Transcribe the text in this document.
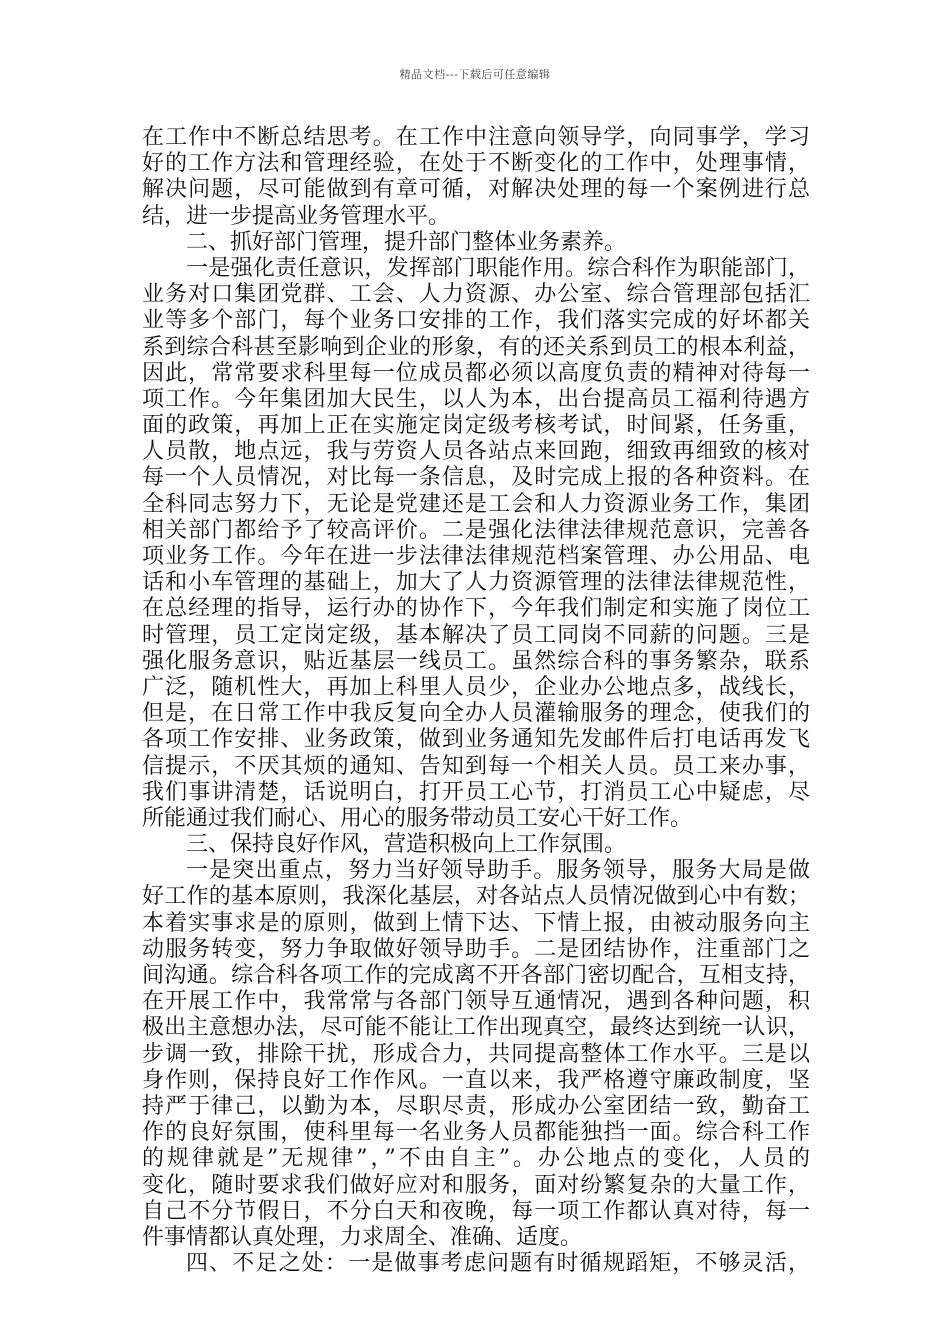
精品文档---下载后可任意编辑
在工作中不断总结思考。在工作中注意向领导学，向同事学，学习
好的工作方法和管理经验，在处于不断变化的工作中，处理事情，
解决问题，尽可能做到有章可循，对解决处理的每一个案例进行总
结，进一步提高业务管理水平。
二、抓好部门管理，提升部门整体业务素养。
一是强化责任意识，发挥部门职能作用。综合科作为职能部门，
业务对口集团党群、工会、人力资源、办公室、综合管理部包括汇
业等多个部门，每个业务口安排的工作，我们落实完成的好坏都关
系到综合科甚至影响到企业的形象，有的还关系到员工的根本利益，
因此，常常要求科里每一位成员都必须以高度负责的精神对待每一
项工作。今年集团加大民生，以人为本，出台提高员工福利待遇方
面的政策，再加上正在实施定岗定级考核考试，时间紧，任务重，
人员散，地点远，我与劳资人员各站点来回跑，细致再细致的核对
每一个人员情况，对比每一条信息，及时完成上报的各种资料。在
全科同志努力下，无论是党建还是工会和人力资源业务工作，集团
相关部门都给予了较高评价。二是强化法律法律规范意识，完善各
项业务工作。今年在进一步法律法律规范档案管理、办公用品、电
话和小车管理的基础上，加大了人力资源管理的法律法律规范性，
在总经理的指导，运行办的协作下，今年我们制定和实施了岗位工
时管理，员工定岗定级，基本解决了员工同岗不同薪的问题。三是
强化服务意识，贴近基层一线员工。虽然综合科的事务繁杂，联系
广泛，随机性大，再加上科里人员少，企业办公地点多，战线长，
但是，在日常工作中我反复向全办人员灌输服务的理念，使我们的
各项工作安排、业务政策，做到业务通知先发邮件后打电话再发飞
信提示，不厌其烦的通知、告知到每一个相关人员。员工来办事，
我们事讲清楚，话说明白，打开员工心节，打消员工心中疑虑，尽
所能通过我们耐心、用心的服务带动员工安心干好工作。
三、保持良好作风，营造积极向上工作氛围。
一是突出重点，努力当好领导助手。服务领导，服务大局是做
好工作的基本原则，我深化基层，对各站点人员情况做到心中有数；
本着实事求是的原则，做到上情下达、下情上报，由被动服务向主
动服务转变，努力争取做好领导助手。二是团结协作，注重部门之
间沟通。综合科各项工作的完成离不开各部门密切配合，互相支持，
在开展工作中，我常常与各部门领导互通情况，遇到各种问题，积
极出主意想办法，尽可能不能让工作出现真空，最终达到统一认识，
步调一致，排除干扰，形成合力，共同提高整体工作水平。三是以
身作则，保持良好工作作风。一直以来，我严格遵守廉政制度，坚
持严于律己，以勤为本，尽职尽责，形成办公室团结一致，勤奋工
作的良好氛围，使科里每一名业务人员都能独挡一面。综合科工作
的规律就是”无规律”，”不由自主”。办公地点的变化，人员的
变化，随时要求我们做好应对和服务，面对纷繁复杂的大量工作，
自己不分节假日，不分白天和夜晚，每一项工作都认真对待，每一
件事情都认真处理，力求周全、准确、适度。
四、不足之处：一是做事考虑问题有时循规蹈矩，不够灵活，
